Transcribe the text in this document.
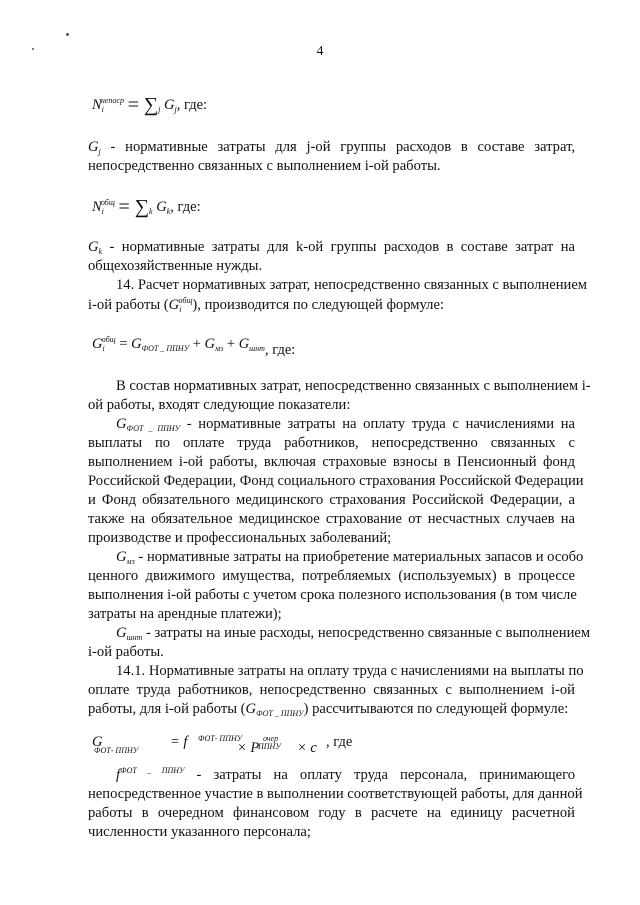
4
$N_i^{непоср} = \sum_j$ $G_j$, где:
$G_j$ - нормативные затраты для j-ой группы расходов в составе затрат,
непосредственно связанных с выполнением i-ой работы.
$N_i^{общ} = \sum_k$ $G_k$, где:
$G_k$ - нормативные затраты для k-ой группы расходов в составе затрат на
общехозяйственные нужды.
14. Расчет нормативных затрат, непосредственно связанных с выполнением
i-ой работы $(G_i^{общ})$, производится по следующей формуле:
$G_i^{общ} = G_{ФОТ \_ ППНУ} + G_{мз} + G_{шнт}$, где:
В состав нормативных затрат, непосредственно связанных с выполнением i-
ой работы, входят следующие показатели:
$G_{ФОТ \_ ППНУ}$ - нормативные затраты на оплату труда с начислениями на
выплаты по оплате труда работников, непосредственно связанных с
выполнением i-ой работы, включая страховые взносы в Пенсионный фонд
Российской Федерации, Фонд социального страхования Российской Федерации
и Фонд обязательного медицинского страхования Российской Федерации, а
также на обязательное медицинское страхование от несчастных случаев на
производстве и профессиональных заболеваний;
$G_{мз}$ - нормативные затраты на приобретение материальных запасов и особо
ценного движимого имущества, потребляемых (используемых) в процессе
выполнения i-ой работы с учетом срока полезного использования (в том числе
затраты на арендные платежи);
$G_{шнт}$ - затраты на иные расходы, непосредственно связанные с выполнением
i-ой работы.
14.1. Нормативные затраты на оплату труда с начислениями на выплаты по
оплате труда работников, непосредственно связанных с выполнением i-ой
работы, для i-ой работы $(G_{ФОТ \_ ППНУ})$ рассчитываются по следующей формуле:
G
ФОТ- ППНУ
= f ФОТ- ППНУ
× P
очер
ППНУ × c , где
$f^{ФОТ \_ ППНУ}$ - затраты на оплату труда персонала, принимающего
непосредственное участие в выполнении соответствующей работы, для данной
работы в очередном финансовом году в расчете на единицу расчетной
численности указанного персонала;
